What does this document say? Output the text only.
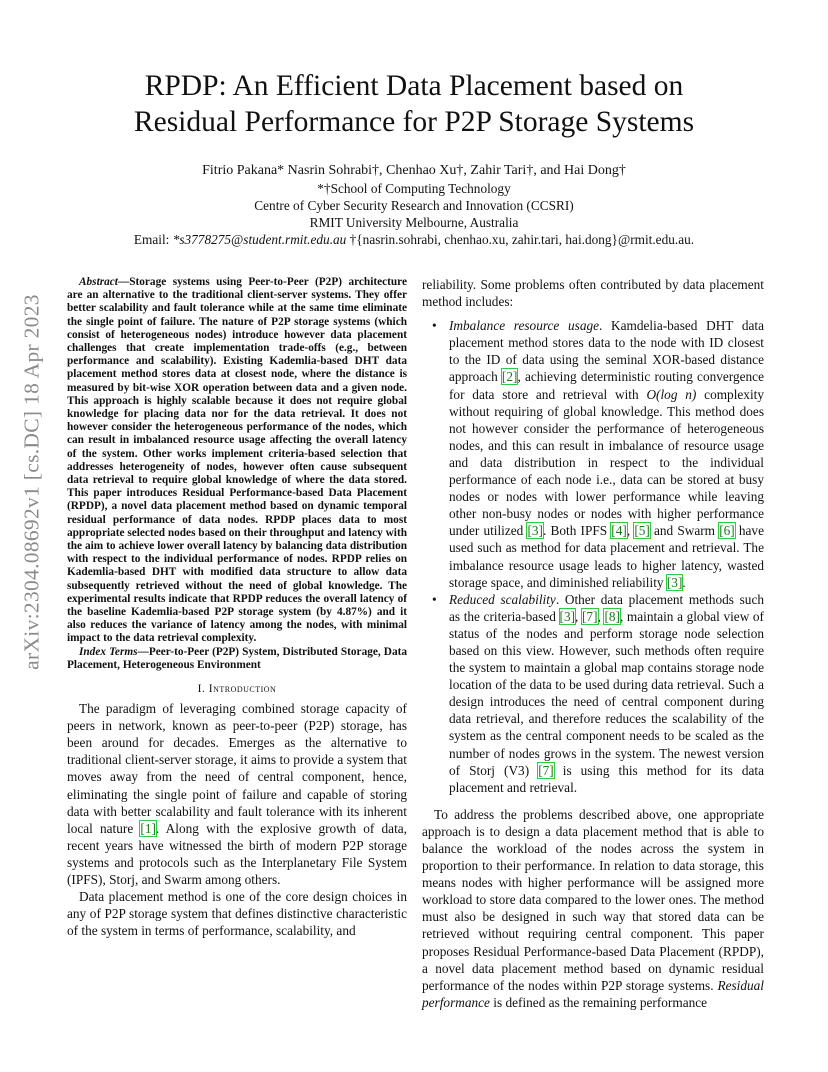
arXiv:2304.08692v1 [cs.DC] 18 Apr 2023
RPDP: An Efficient Data Placement based on
Residual Performance for P2P Storage Systems
Fitrio Pakana* Nasrin Sohrabi†, Chenhao Xu†, Zahir Tari†, and Hai Dong†
*†School of Computing Technology
Centre of Cyber Security Research and Innovation (CCSRI)
RMIT University Melbourne, Australia
Email: *s3778275@student.rmit.edu.au †{nasrin.sohrabi, chenhao.xu, zahir.tari, hai.dong}@rmit.edu.au.

Abstract—Storage systems using Peer-to-Peer (P2P) architecture are an alternative to the traditional client-server systems. They offer better scalability and fault tolerance while at the same time eliminate the single point of failure. The nature of P2P storage systems (which consist of heterogeneous nodes) introduce however data placement challenges that create implementation trade-offs (e.g., between performance and scalability). Existing Kademlia-based DHT data placement method stores data at closest node, where the distance is measured by bit-wise XOR operation between data and a given node. This approach is highly scalable because it does not require global knowledge for placing data nor for the data retrieval. It does not however consider the heterogeneous performance of the nodes, which can result in imbalanced resource usage affecting the overall latency of the system. Other works implement criteria-based selection that addresses heterogeneity of nodes, however often cause subsequent data retrieval to require global knowledge of where the data stored. This paper introduces Residual Performance-based Data Placement (RPDP), a novel data placement method based on dynamic temporal residual performance of data nodes. RPDP places data to most appropriate selected nodes based on their throughput and latency with the aim to achieve lower overall latency by balancing data distribution with respect to the individual performance of nodes. RPDP relies on Kademlia-based DHT with modified data structure to allow data subsequently retrieved without the need of global knowledge. The experimental results indicate that RPDP reduces the overall latency of the baseline Kademlia-based P2P storage system (by 4.87%) and it also reduces the variance of latency among the nodes, with minimal impact to the data retrieval complexity.

Index Terms—Peer-to-Peer (P2P) System, Distributed Storage, Data Placement, Heterogeneous Environment

I. Introduction

The paradigm of leveraging combined storage capacity of peers in network, known as peer-to-peer (P2P) storage, has been around for decades. Emerges as the alternative to traditional client-server storage, it aims to provide a system that moves away from the need of central component, hence, eliminating the single point of failure and capable of storing data with better scalability and fault tolerance with its inherent local nature [1]. Along with the explosive growth of data, recent years have witnessed the birth of modern P2P storage systems and protocols such as the Interplanetary File System (IPFS), Storj, and Swarm among others.

Data placement method is one of the core design choices in any of P2P storage system that defines distinctive characteristic of the system in terms of performance, scalability, and

reliability. Some problems often contributed by data placement method includes:

• Imbalance resource usage. Kamdelia-based DHT data placement method stores data to the node with ID closest to the ID of data using the seminal XOR-based distance approach [2], achieving deterministic routing convergence for data store and retrieval with O(log n) complexity without requiring of global knowledge. This method does not however consider the performance of heterogeneous nodes, and this can result in imbalance of resource usage and data distribution in respect to the individual performance of each node i.e., data can be stored at busy nodes or nodes with lower performance while leaving other non-busy nodes or nodes with higher performance under utilized [3]. Both IPFS [4], [5] and Swarm [6] have used such as method for data placement and retrieval. The imbalance resource usage leads to higher latency, wasted storage space, and diminished reliability [3].
• Reduced scalability. Other data placement methods such as the criteria-based [3], [7], [8], maintain a global view of status of the nodes and perform storage node selection based on this view. However, such methods often require the system to maintain a global map contains storage node location of the data to be used during data retrieval. Such a design introduces the need of central component during data retrieval, and therefore reduces the scalability of the system as the central component needs to be scaled as the number of nodes grows in the system. The newest version of Storj (V3) [7] is using this method for its data placement and retrieval.

To address the problems described above, one appropriate approach is to design a data placement method that is able to balance the workload of the nodes across the system in proportion to their performance. In relation to data storage, this means nodes with higher performance will be assigned more workload to store data compared to the lower ones. The method must also be designed in such way that stored data can be retrieved without requiring central component. This paper proposes Residual Performance-based Data Placement (RPDP), a novel data placement method based on dynamic residual performance of the nodes within P2P storage systems. Residual performance is defined as the remaining performance
